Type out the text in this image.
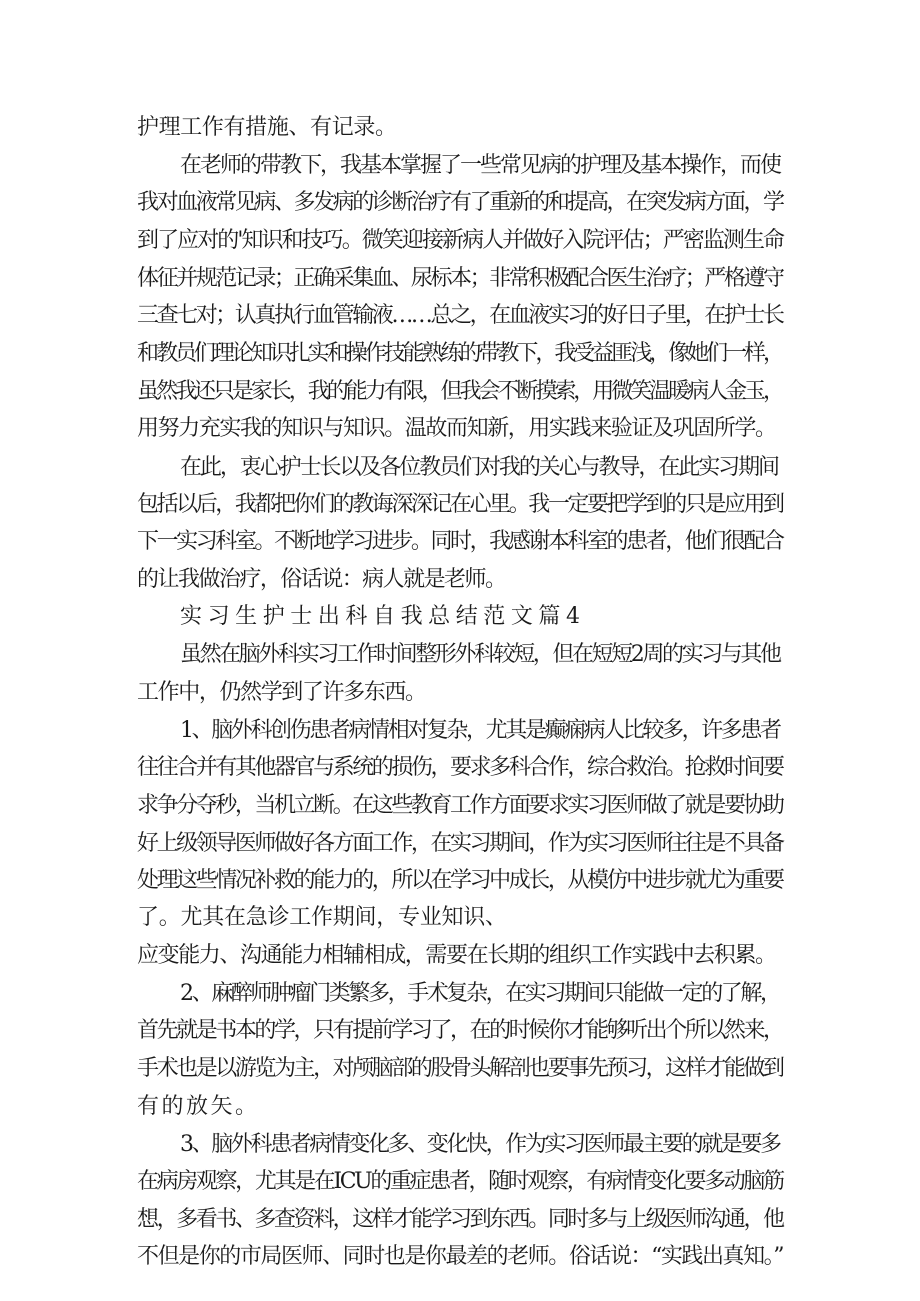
护理工作有措施、有记录。
在老师的带教下，我基本掌握了一些常见病的护理及基本操作，而使
我对血液常见病、多发病的诊断治疗有了重新的和提高，在突发病方面，学
到了应对的'知识和技巧。微笑迎接新病人并做好入院评估；严密监测生命
体征并规范记录；正确采集血、尿标本；非常积极配合医生治疗；严格遵守
三查七对；认真执行血管输液……总之，在血液实习的好日子里，在护士长
和教员们理论知识扎实和操作技能熟练的带教下，我受益匪浅，像她们一样，
虽然我还只是家长，我的能力有限，但我会不断摸索，用微笑温暖病人金玉，
用努力充实我的知识与知识。温故而知新，用实践来验证及巩固所学。
在此，衷心护士长以及各位教员们对我的关心与教导，在此实习期间
包括以后，我都把你们的教诲深深记在心里。我一定要把学到的只是应用到
下一实习科室。不断地学习进步。同时，我感谢本科室的患者，他们很配合
的让我做治疗，俗话说：病人就是老师。
实习生护士出科自我总结范文篇4
虽然在脑外科实习工作时间整形外科较短，但在短短2周的实习与其他
工作中，仍然学到了许多东西。
1、脑外科创伤患者病情相对复杂，尤其是癫痫病人比较多，许多患者
往往合并有其他器官与系统的损伤，要求多科合作，综合救治。抢救时间要
求争分夺秒，当机立断。在这些教育工作方面要求实习医师做了就是要协助
好上级领导医师做好各方面工作，在实习期间，作为实习医师往往是不具备
处理这些情况补救的能力的，所以在学习中成长，从模仿中进步就尤为重要
了。尤其在急诊工作期间，专业知识、
应变能力、沟通能力相辅相成，需要在长期的组织工作实践中去积累。
2、麻醉师肿瘤门类繁多，手术复杂，在实习期间只能做一定的了解，
首先就是书本的学，只有提前学习了，在的时候你才能够听出个所以然来，
手术也是以游览为主，对颅脑部的股骨头解剖也要事先预习，这样才能做到
有的放矢。
3、脑外科患者病情变化多、变化快，作为实习医师最主要的就是要多
在病房观察，尤其是在ICU的重症患者，随时观察，有病情变化要多动脑筋
想，多看书、多查资料，这样才能学习到东西。同时多与上级医师沟通，他
不但是你的市局医师、同时也是你最差的老师。俗话说：“实践出真知。”
